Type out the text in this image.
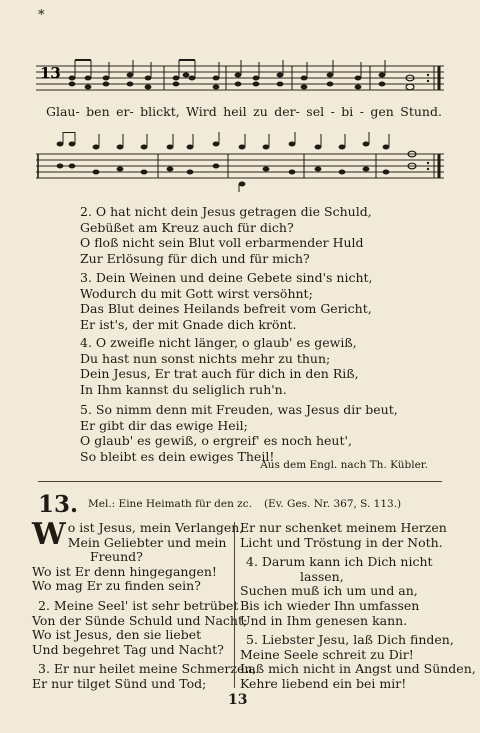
*
13
Glau- ben er- blickt, Wird heil zu der- sel - bi - gen Stund.
2. O hat nicht dein Jesus getragen die Schuld,
Gebüßet am Kreuz auch für dich?
O floß nicht sein Blut voll erbarmender Huld
Zur Erlösung für dich und für mich?
3. Dein Weinen und deine Gebete sind's nicht,
Wodurch du mit Gott wirst versöhnt;
Das Blut deines Heilands befreit vom Gericht,
Er ist's, der mit Gnade dich krönt.
4. O zweifle nicht länger, o glaub' es gewiß,
Du hast nun sonst nichts mehr zu thun;
Dein Jesus, Er trat auch für dich in den Riß,
In Ihm kannst du seliglich ruh'n.
5. So nimm denn mit Freuden, was Jesus dir beut,
Er gibt dir das ewige Heil;
O glaub' es gewiß, o ergreif' es noch heut',
So bleibt es dein ewiges Theil!
Aus dem Engl. nach Th. Kübler.
13. Mel.: Eine Heimath für den zc. (Ev. Ges. Nr. 367, S. 113.)
Wo ist Jesus, mein Verlangen,
Mein Geliebter und mein
Freund?
Wo ist Er denn hingegangen!
Wo mag Er zu finden sein?
2. Meine Seel' ist sehr betrübet
Von der Sünde Schuld und Nacht;
Wo ist Jesus, den sie liebet
Und begehret Tag und Nacht?
3. Er nur heilet meine Schmerzen,
Er nur tilget Sünd und Tod;
Er nur schenket meinem Herzen
Licht und Tröstung in der Noth.
4. Darum kann ich Dich nicht
lassen,
Suchen muß ich um und an,
Bis ich wieder Ihn umfassen
Und in Ihm genesen kann.
5. Liebster Jesu, laß Dich finden,
Meine Seele schreit zu Dir!
Laß mich nicht in Angst und Sünden,
Kehre liebend ein bei mir!
13
